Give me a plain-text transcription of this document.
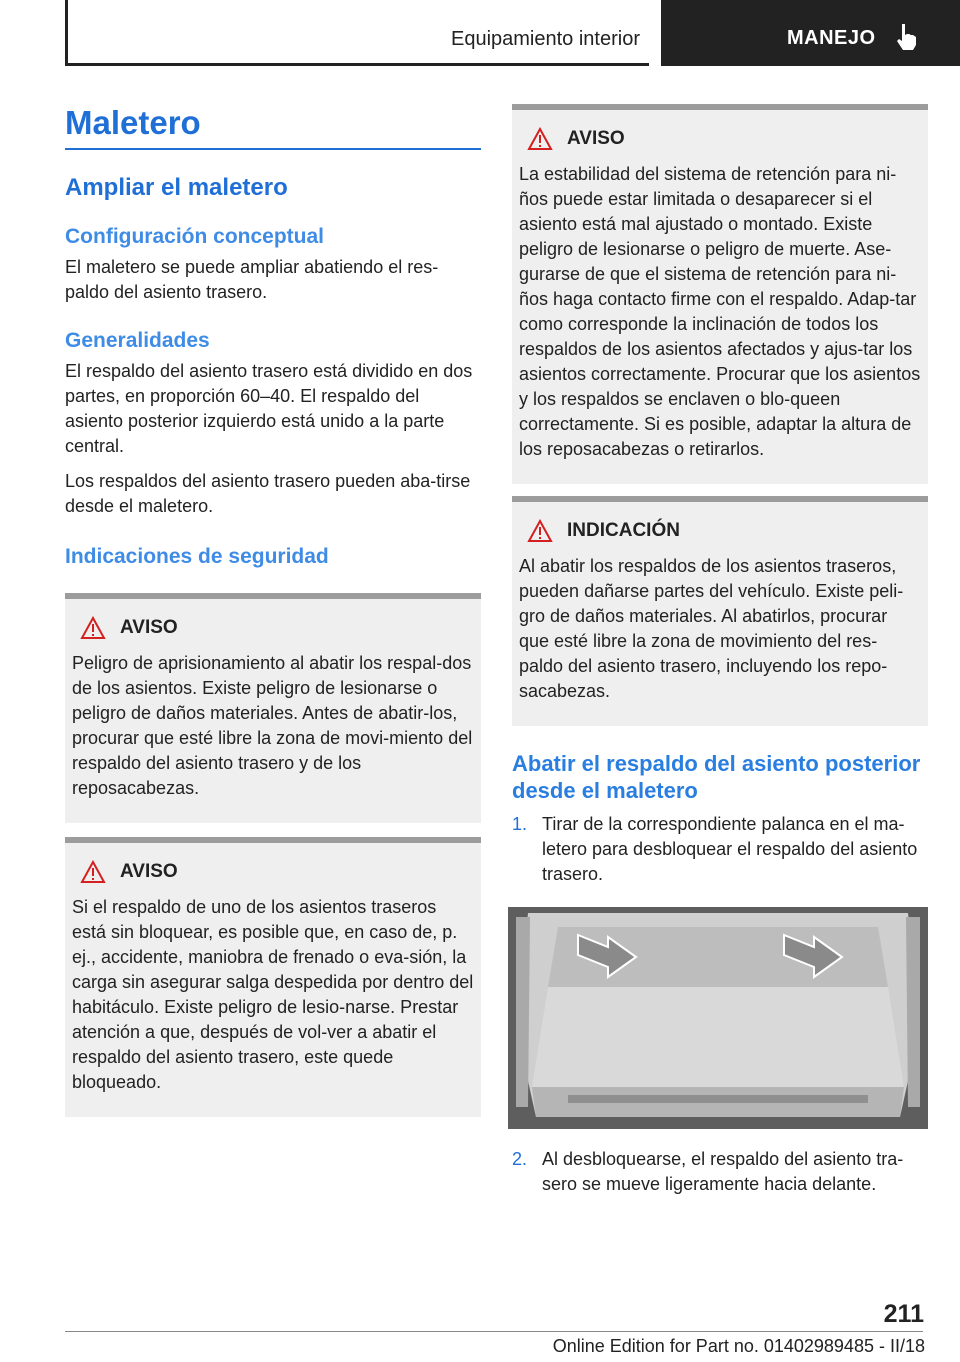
Equipamiento interior	MANEJO
Maletero
Ampliar el maletero
Configuración conceptual
El maletero se puede ampliar abatiendo el res-paldo del asiento trasero.
Generalidades
El respaldo del asiento trasero está dividido en dos partes, en proporción 60–40. El respaldo del asiento posterior izquierdo está unido a la parte central.
Los respaldos del asiento trasero pueden aba-tirse desde el maletero.
Indicaciones de seguridad
AVISO
Peligro de aprisionamiento al abatir los respal-dos de los asientos. Existe peligro de lesionarse o peligro de daños materiales. Antes de abatir-los, procurar que esté libre la zona de movi-miento del respaldo del asiento trasero y de los reposacabezas.
AVISO
Si el respaldo de uno de los asientos traseros está sin bloquear, es posible que, en caso de, p. ej., accidente, maniobra de frenado o eva-sión, la carga sin asegurar salga despedida por dentro del habitáculo. Existe peligro de lesio-narse. Prestar atención a que, después de vol-ver a abatir el respaldo del asiento trasero, este quede bloqueado.
AVISO
La estabilidad del sistema de retención para ni-ños puede estar limitada o desaparecer si el asiento está mal ajustado o montado. Existe peligro de lesionarse o peligro de muerte. Ase-gurarse de que el sistema de retención para ni-ños haga contacto firme con el respaldo. Adap-tar como corresponde la inclinación de todos los respaldos de los asientos afectados y ajus-tar los asientos correctamente. Procurar que los asientos y los respaldos se enclaven o blo-queen correctamente. Si es posible, adaptar la altura de los reposacabezas o retirarlos.
INDICACIÓN
Al abatir los respaldos de los asientos traseros, pueden dañarse partes del vehículo. Existe peli-gro de daños materiales. Al abatirlos, procurar que esté libre la zona de movimiento del res-paldo del asiento trasero, incluyendo los repo-sacabezas.
Abatir el respaldo del asiento posterior desde el maletero
1. Tirar de la correspondiente palanca en el ma-letero para desbloquear el respaldo del asiento trasero.
2. Al desbloquearse, el respaldo del asiento tra-sero se mueve ligeramente hacia delante.
211
Online Edition for Part no. 01402989485 - II/18
